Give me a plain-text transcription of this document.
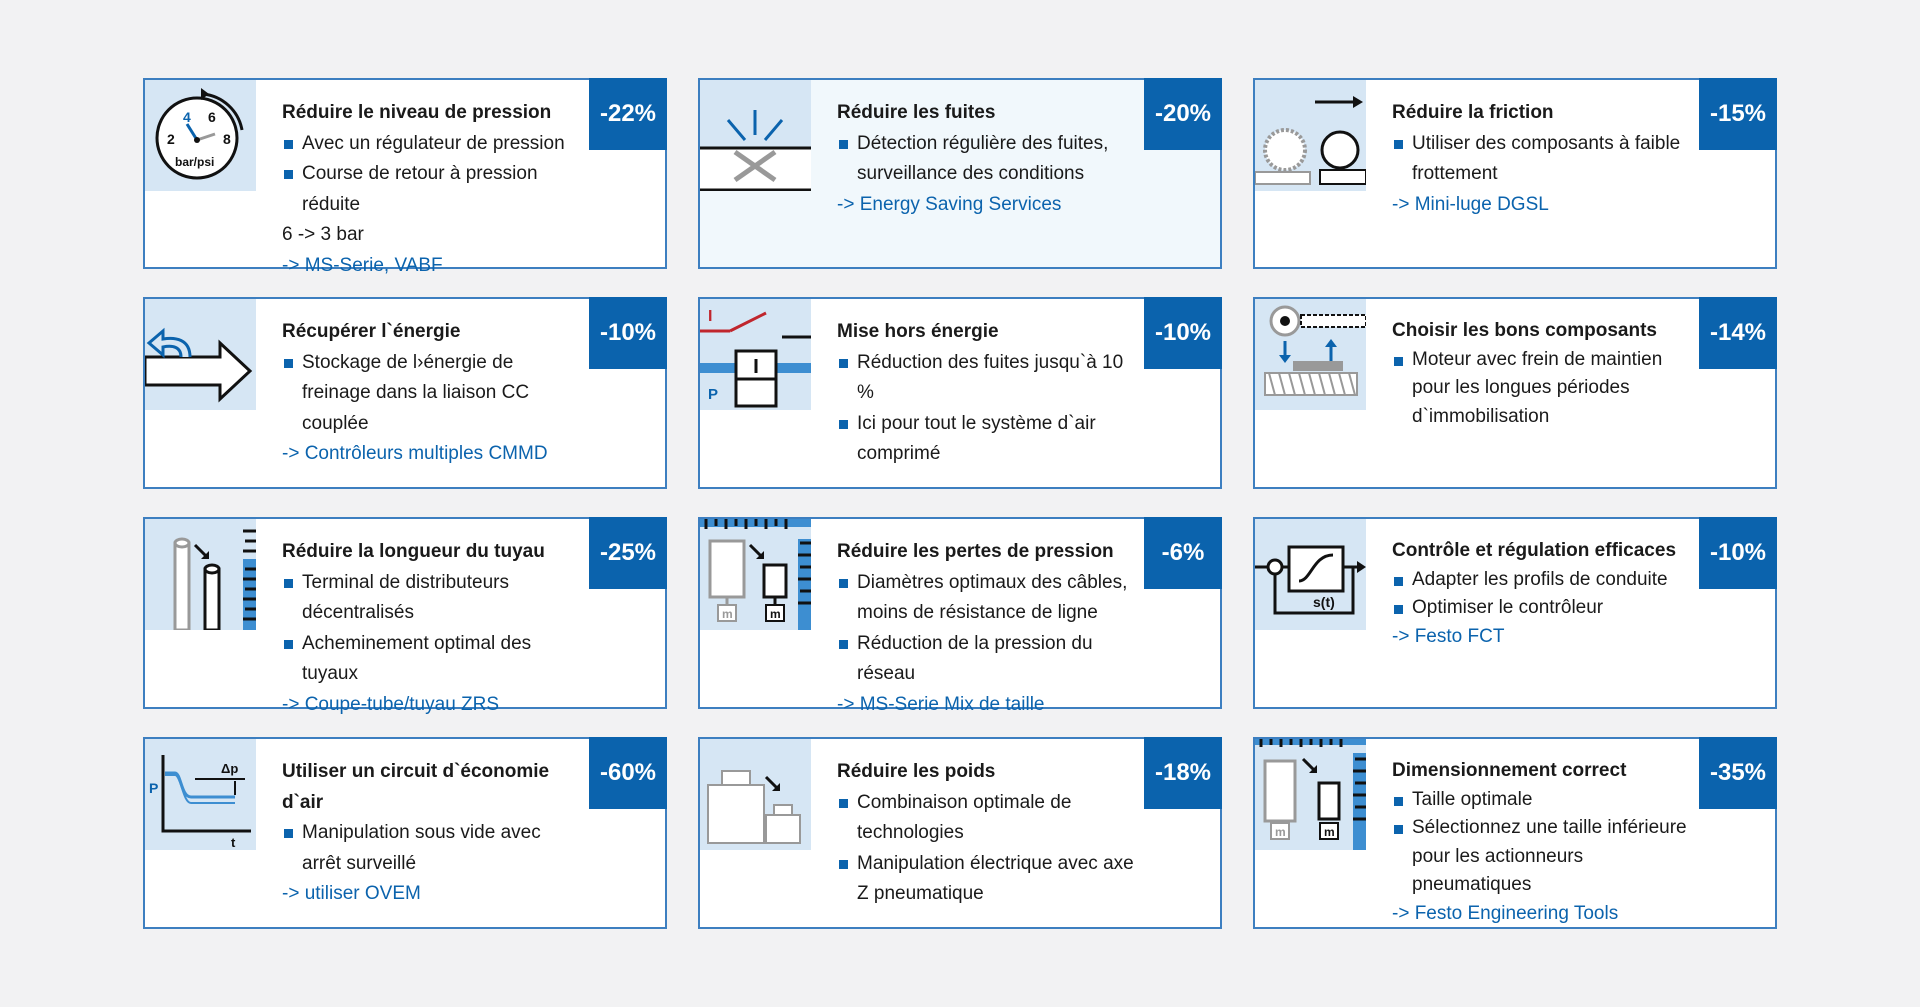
4 6
2	8
bar/psi
-22%

Réduire le niveau de pression

Avec un régulateur de pression
Course de retour à pression réduite

6 -> 3 bar

-> MS-Serie, VABF

-20%

Réduire les fuites

Détection régulière des fuites, surveillance des conditions

-> Energy Saving Services

-15%

Réduire la friction

Utiliser des composants à faible frottement

-> Mini-luge DGSL

-10%

Récupérer l`énergie

Stockage de l›énergie de freinage dans la liaison CC couplée

-> Contrôleurs multiples CMMD

I
P
-10%

Mise hors énergie

Réduction des fuites jusqu`à 10 %
Ici pour tout le système d`air comprimé
-14%

Choisir les bons composants

Moteur avec frein de maintien pour les longues périodes d`immobilisation
-25%

Réduire la longueur du tuyau

Terminal de distributeurs décentralisés
Acheminement optimal des tuyaux

-> Coupe-tube/tuyau ZRS

m	m
-6%

Réduire les pertes de pression

Diamètres optimaux des câbles, moins de résistance de ligne
Réduction de la pression du réseau

-> MS-Serie Mix de taille

s(t)
-10%

Contrôle et régulation efficaces

Adapter les profils de conduite
Optimiser le contrôleur

-> Festo FCT

P
Δp
t
-60%

Utiliser un circuit d`économie d`air

Manipulation sous vide avec arrêt surveillé

-> utiliser OVEM

-18%

Réduire les poids

Combinaison optimale de technologies
Manipulation électrique avec axe Z pneumatique
m	m
-35%

Dimensionnement correct

Taille optimale
Sélectionnez une taille inférieure pour les actionneurs pneumatiques

-> Festo Engineering Tools
